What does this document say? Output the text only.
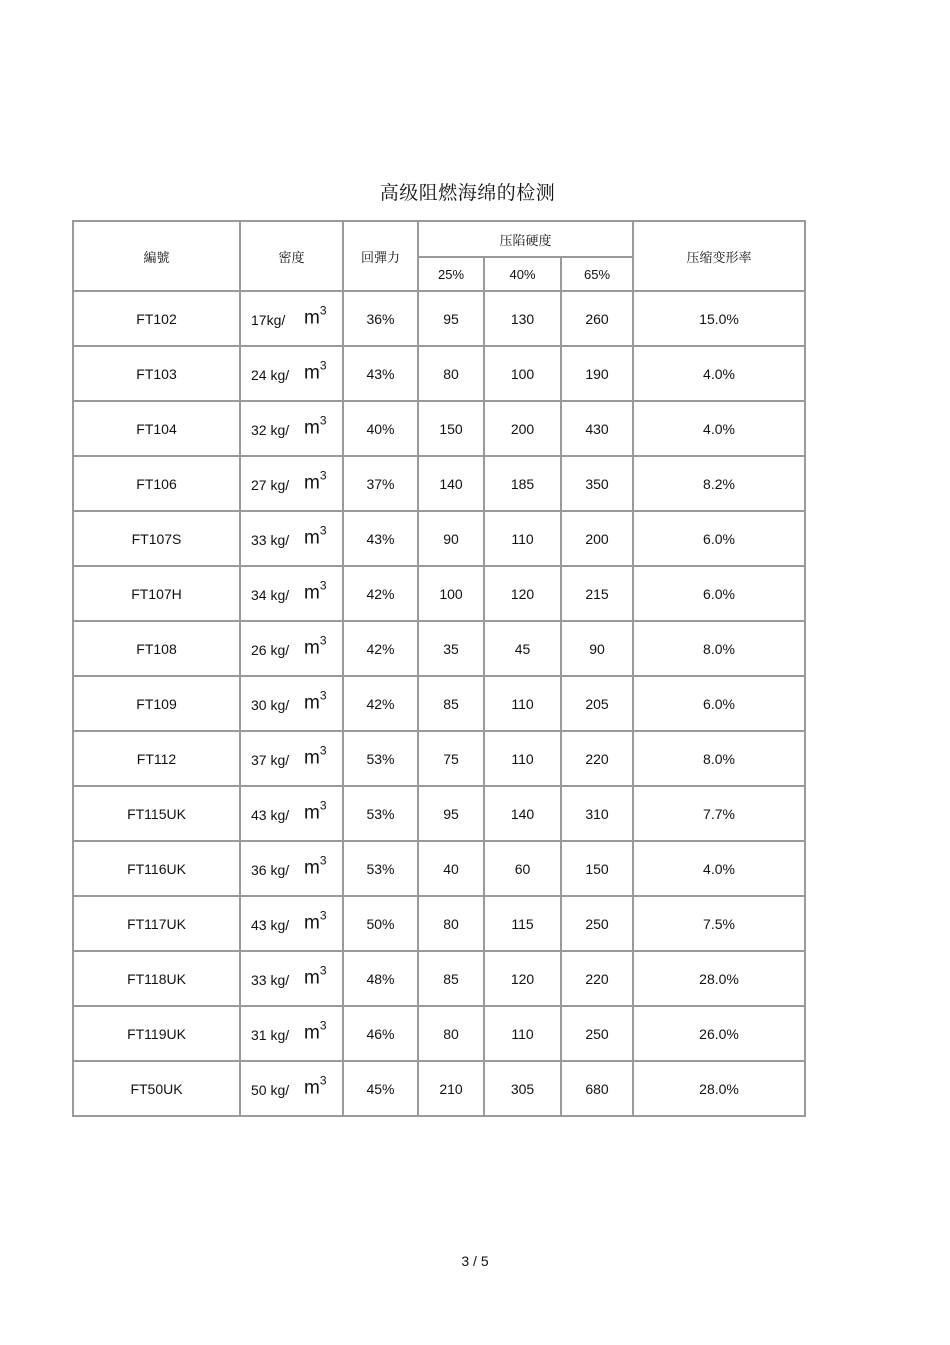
高级阻燃海绵的检测
編號	密度	回彈力	压陷硬度			压缩变形率
			25%	40%	65%	
FT102	17kg/ $m^3$	36%	95	130	260	15.0%
FT103	24 kg/ $m^3$	43%	80	100	190	4.0%
FT104	32 kg/ $m^3$	40%	150	200	430	4.0%
FT106	27 kg/ $m^3$	37%	140	185	350	8.2%
FT107S	33 kg/ $m^3$	43%	90	110	200	6.0%
FT107H	34 kg/ $m^3$	42%	100	120	215	6.0%
FT108	26 kg/ $m^3$	42%	35	45	90	8.0%
FT109	30 kg/ $m^3$	42%	85	110	205	6.0%
FT112	37 kg/ $m^3$	53%	75	110	220	8.0%
FT115UK	43 kg/ $m^3$	53%	95	140	310	7.7%
FT116UK	36 kg/ $m^3$	53%	40	60	150	4.0%
FT117UK	43 kg/ $m^3$	50%	80	115	250	7.5%
FT118UK	33 kg/ $m^3$	48%	85	120	220	28.0%
FT119UK	31 kg/ $m^3$	46%	80	110	250	26.0%
FT50UK	50 kg/ $m^3$	45%	210	305	680	28.0%
3 / 5
